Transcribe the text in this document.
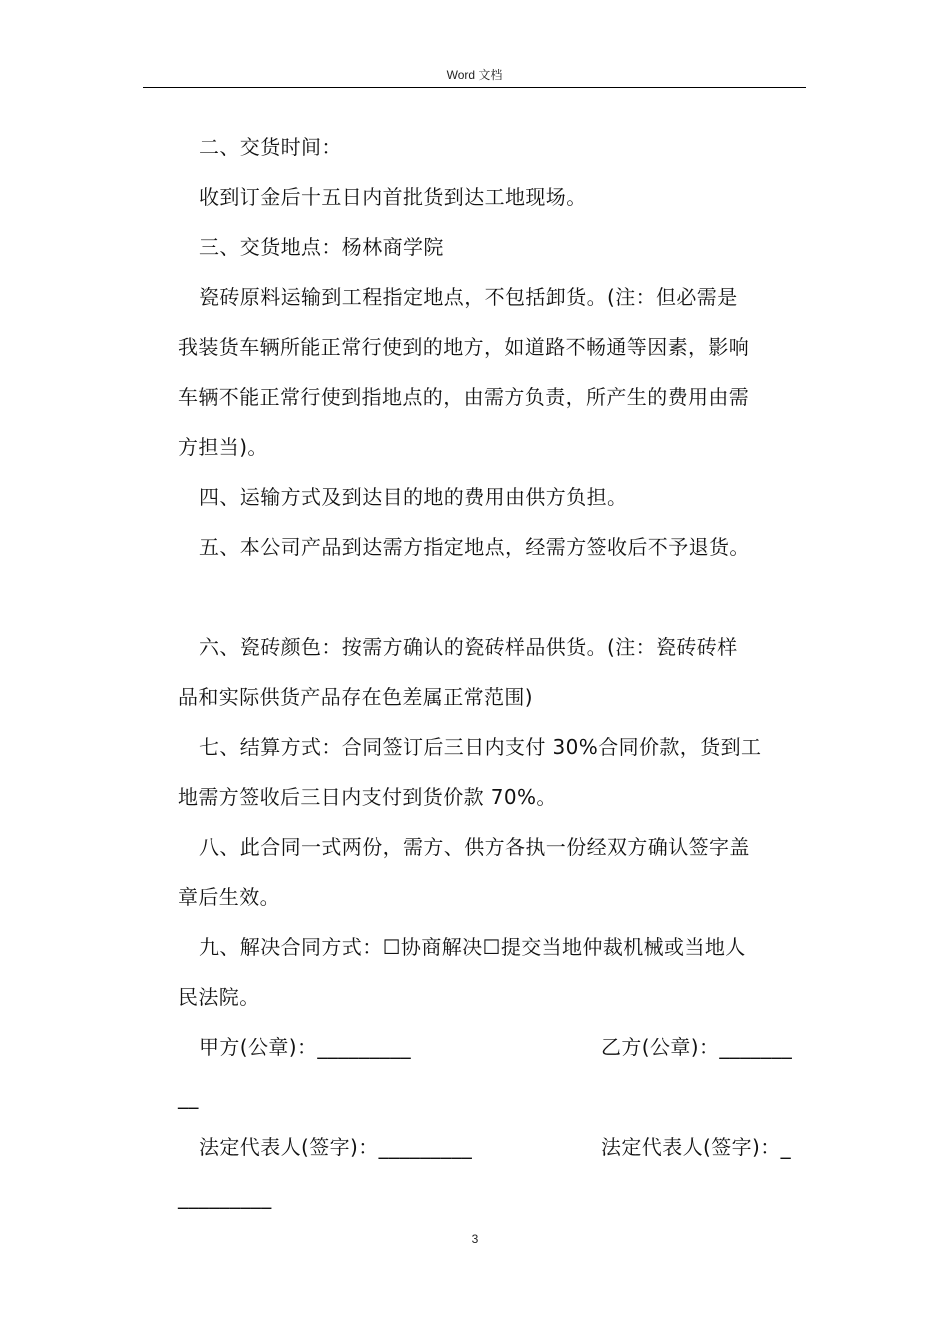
Word 文档

二、交货时间：

收到订金后十五日内首批货到达工地现场。

三、交货地点：杨林商学院

瓷砖原料运输到工程指定地点，不包括卸货。(注：但必需是

我装货车辆所能正常行使到的地方，如道路不畅通等因素，影响

车辆不能正常行使到指地点的，由需方负责，所产生的费用由需

方担当)。

四、运输方式及到达目的地的费用由供方负担。

五、本公司产品到达需方指定地点，经需方签收后不予退货。

六、瓷砖颜色：按需方确认的瓷砖样品供货。(注：瓷砖砖样

品和实际供货产品存在色差属正常范围)

七、结算方式：合同签订后三日内支付 30%合同价款，货到工

地需方签收后三日内支付到货价款 70%。

八、此合同一式两份，需方、供方各执一份经双方确认签字盖

章后生效。

九、解决合同方式：☐协商解决☐提交当地仲裁机械或当地人

民法院。

甲方(公章)：_________	乙方(公章)：_______

__

法定代表人(签字)：_________	法定代表人(签字)：_

_________

3
